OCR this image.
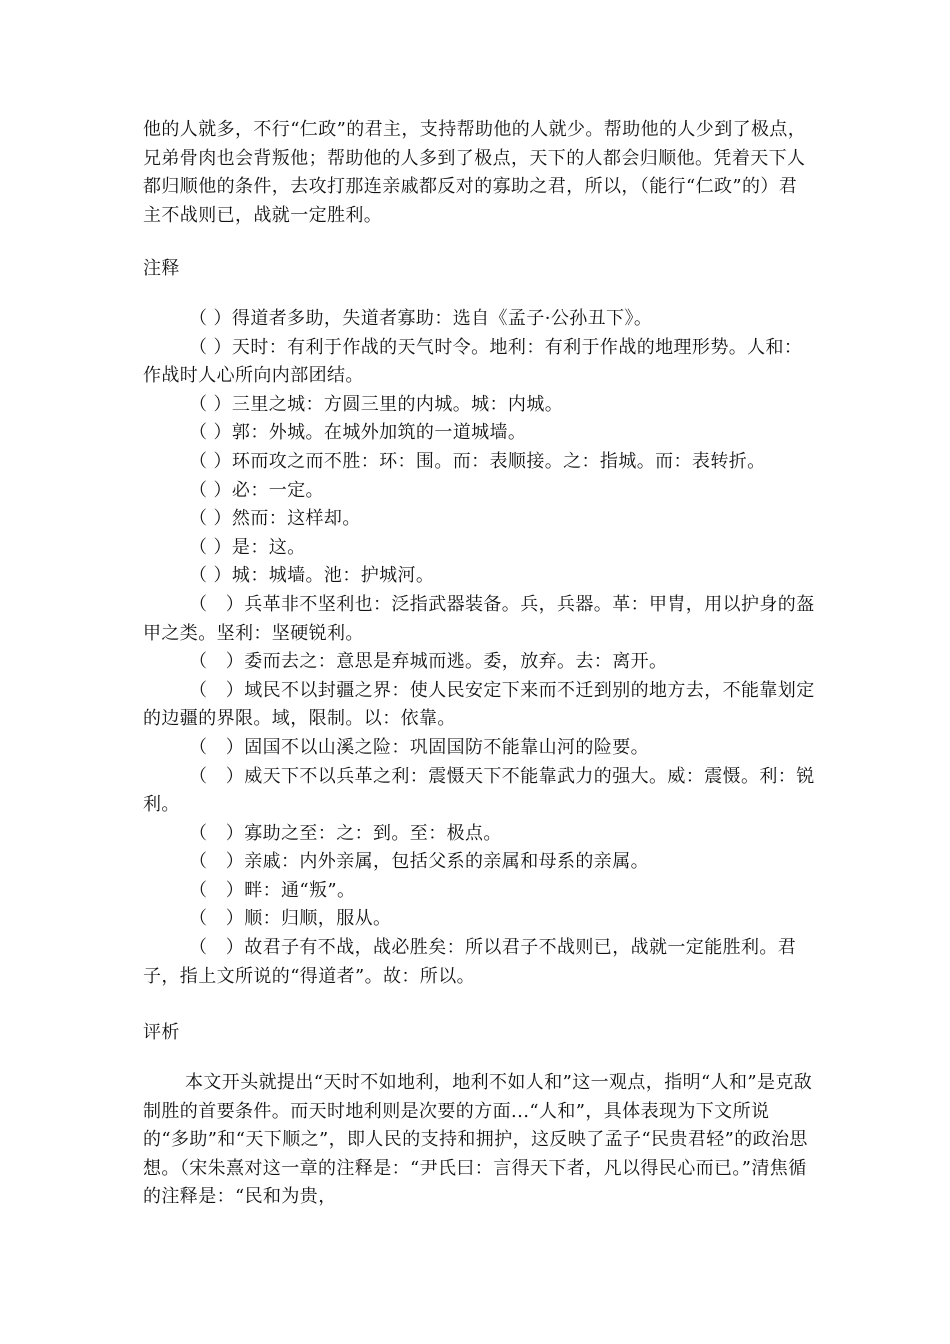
他的人就多，不行“仁政”的君主，支持帮助他的人就少。帮助他的人少到了极点，兄弟骨肉也会背叛他；帮助他的人多到了极点，天下的人都会归顺他。凭着天下人都归顺他的条件，去攻打那连亲戚都反对的寡助之君，所以，（能行“仁政”的）君主不战则已，战就一定胜利。

注释

（ ）得道者多助，失道者寡助：选自《孟子·公孙丑下》。

（ ）天时：有利于作战的天气时令。地利：有利于作战的地理形势。人和：作战时人心所向内部团结。

（ ）三里之城：方圆三里的内城。城：内城。

（ ）郭：外城。在城外加筑的一道城墙。

（ ）环而攻之而不胜：环：围。而：表顺接。之：指城。而：表转折。

（ ）必：一定。

（ ）然而：这样却。

（ ）是：这。

（ ）城：城墙。池：护城河。

（　）兵革非不坚利也：泛指武器装备。兵，兵器。革：甲胄，用以护身的盔甲之类。坚利：坚硬锐利。

（　）委而去之：意思是弃城而逃。委，放弃。去：离开。

（　）域民不以封疆之界：使人民安定下来而不迁到别的地方去，不能靠划定的边疆的界限。域，限制。以：依靠。

（　）固国不以山溪之险：巩固国防不能靠山河的险要。

（　）威天下不以兵革之利：震慑天下不能靠武力的强大。威：震慑。利：锐利。

（　）寡助之至：之：到。至：极点。

（　）亲戚：内外亲属，包括父系的亲属和母系的亲属。

（　）畔：通“叛”。

（　）顺：归顺，服从。

（　）故君子有不战，战必胜矣：所以君子不战则已，战就一定能胜利。君子，指上文所说的“得道者”。故：所以。

评析

本文开头就提出“天时不如地利，地利不如人和”这一观点，指明“人和”是克敌制胜的首要条件。而天时地利则是次要的方面...“人和”，具体表现为下文所说的“多助”和“天下顺之”，即人民的支持和拥护，这反映了孟子“民贵君轻”的政治思想。（宋朱熹对这一章的注释是：“尹氏曰：言得天下者，凡以得民心而已。”清焦循的注释是：“民和为贵，
